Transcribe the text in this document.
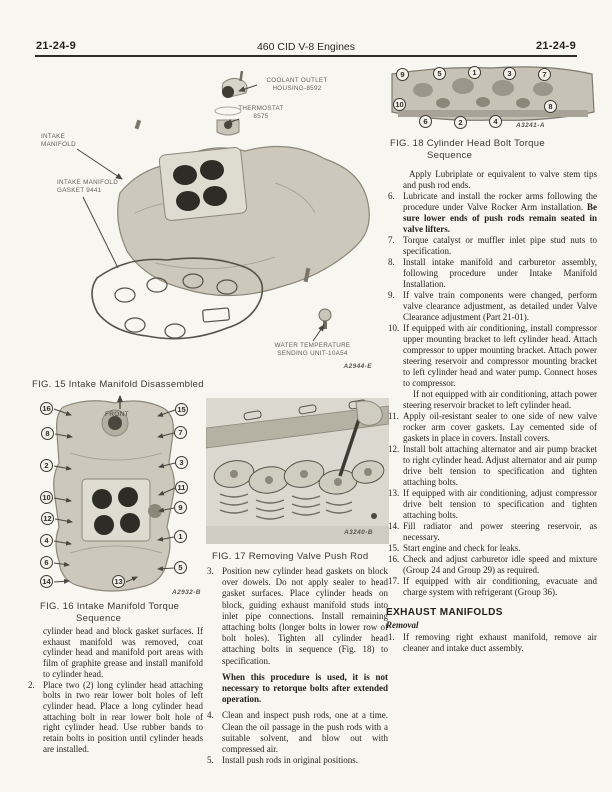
21-24-9	460 CID V-8 Engines	21-24-9
COOLANT OUTLET
HOUSING-8592
THERMOSTAT
8575
INTAKE
MANIFOLD
INTAKE MANIFOLD
GASKET 9441
WATER TEMPERATURE
SENDING UNIT-10A54
A2944-E
FIG. 15 Intake Manifold Disassembled
9	5	1	3	7
10	8
6	2	4	A3241-A
FIG. 18 Cylinder Head Bolt Torque
Sequence
FRONT
16
8
2
10
12
4
6
14
15
7
3
11
9
1
5
13
A2932-B
FIG. 16 Intake Manifold Torque
Sequence
A3240-B
FIG. 17 Removing Valve Push Rod
cylinder head and block gasket surfaces. If exhaust manifold was removed, coat cylinder head and manifold port areas with film of graphite grease and install manifold to cylinder head.
2. Place two (2) long cylinder head attaching bolts in two rear lower bolt holes of left cylinder head. Place a long cylinder head attaching bolt in rear lower bolt hole of right cylinder head. Use rubber bands to retain bolts in position until cylinder heads are installed.
3. Position new cylinder head gaskets on block over dowels. Do not apply sealer to head gasket surfaces. Place cylinder heads on block, guiding exhaust manifold studs into inlet pipe connections. Install remaining attaching bolts (longer bolts in lower row of bolt holes). Tighten all cylinder head attaching bolts in sequence (Fig. 18) to specification.
When this procedure is used, it is not necessary to retorque bolts after extended operation.
4. Clean and inspect push rods, one at a time. Clean the oil passage in the push rods with a suitable solvent, and blow out with compressed air.
5. Install push rods in original positions.
Apply Lubriplate or equivalent to valve stem tips and push rod ends.
6. Lubricate and install the rocker arms following the procedure under Valve Rocker Arm installation. Be sure lower ends of push rods remain seated in valve lifters.
7. Torque catalyst or muffler inlet pipe stud nuts to specification.
8. Install intake manifold and carburetor assembly, following procedure under Intake Manifold Installation.
9. If valve train components were changed, perform valve clearance adjustment, as detailed under Valve Clearance adjustment (Part 21-01).
10. If equipped with air conditioning, install compressor upper mounting bracket to left cylinder head. Attach compressor to upper mounting bracket. Attach power steering reservoir and compressor mounting bracket to left cylinder head and water pump. Connect hoses to compressor.
If not equipped with air conditioning, attach power steering reservoir bracket to left cylinder head.
11. Apply oil-resistant sealer to one side of new valve rocker arm cover gaskets. Lay cemented side of gaskets in place in covers. Install covers.
12. Install bolt attaching alternator and air pump bracket to right cylinder head. Adjust alternator and air pump drive belt tension to specification and tighten attaching bolts.
13. If equipped with air conditioning, adjust compressor drive belt tension to specification and tighten attaching bolts.
14. Fill radiator and power steering reservoir, as necessary.
15. Start engine and check for leaks.
16. Check and adjust carburetor idle speed and mixture (Group 24 and Group 29) as required.
17. If equipped with air conditioning, evacuate and charge system with refrigerant (Group 36).
EXHAUST MANIFOLDS
Removal
1. If removing right exhaust manifold, remove air cleaner and intake duct assembly.
